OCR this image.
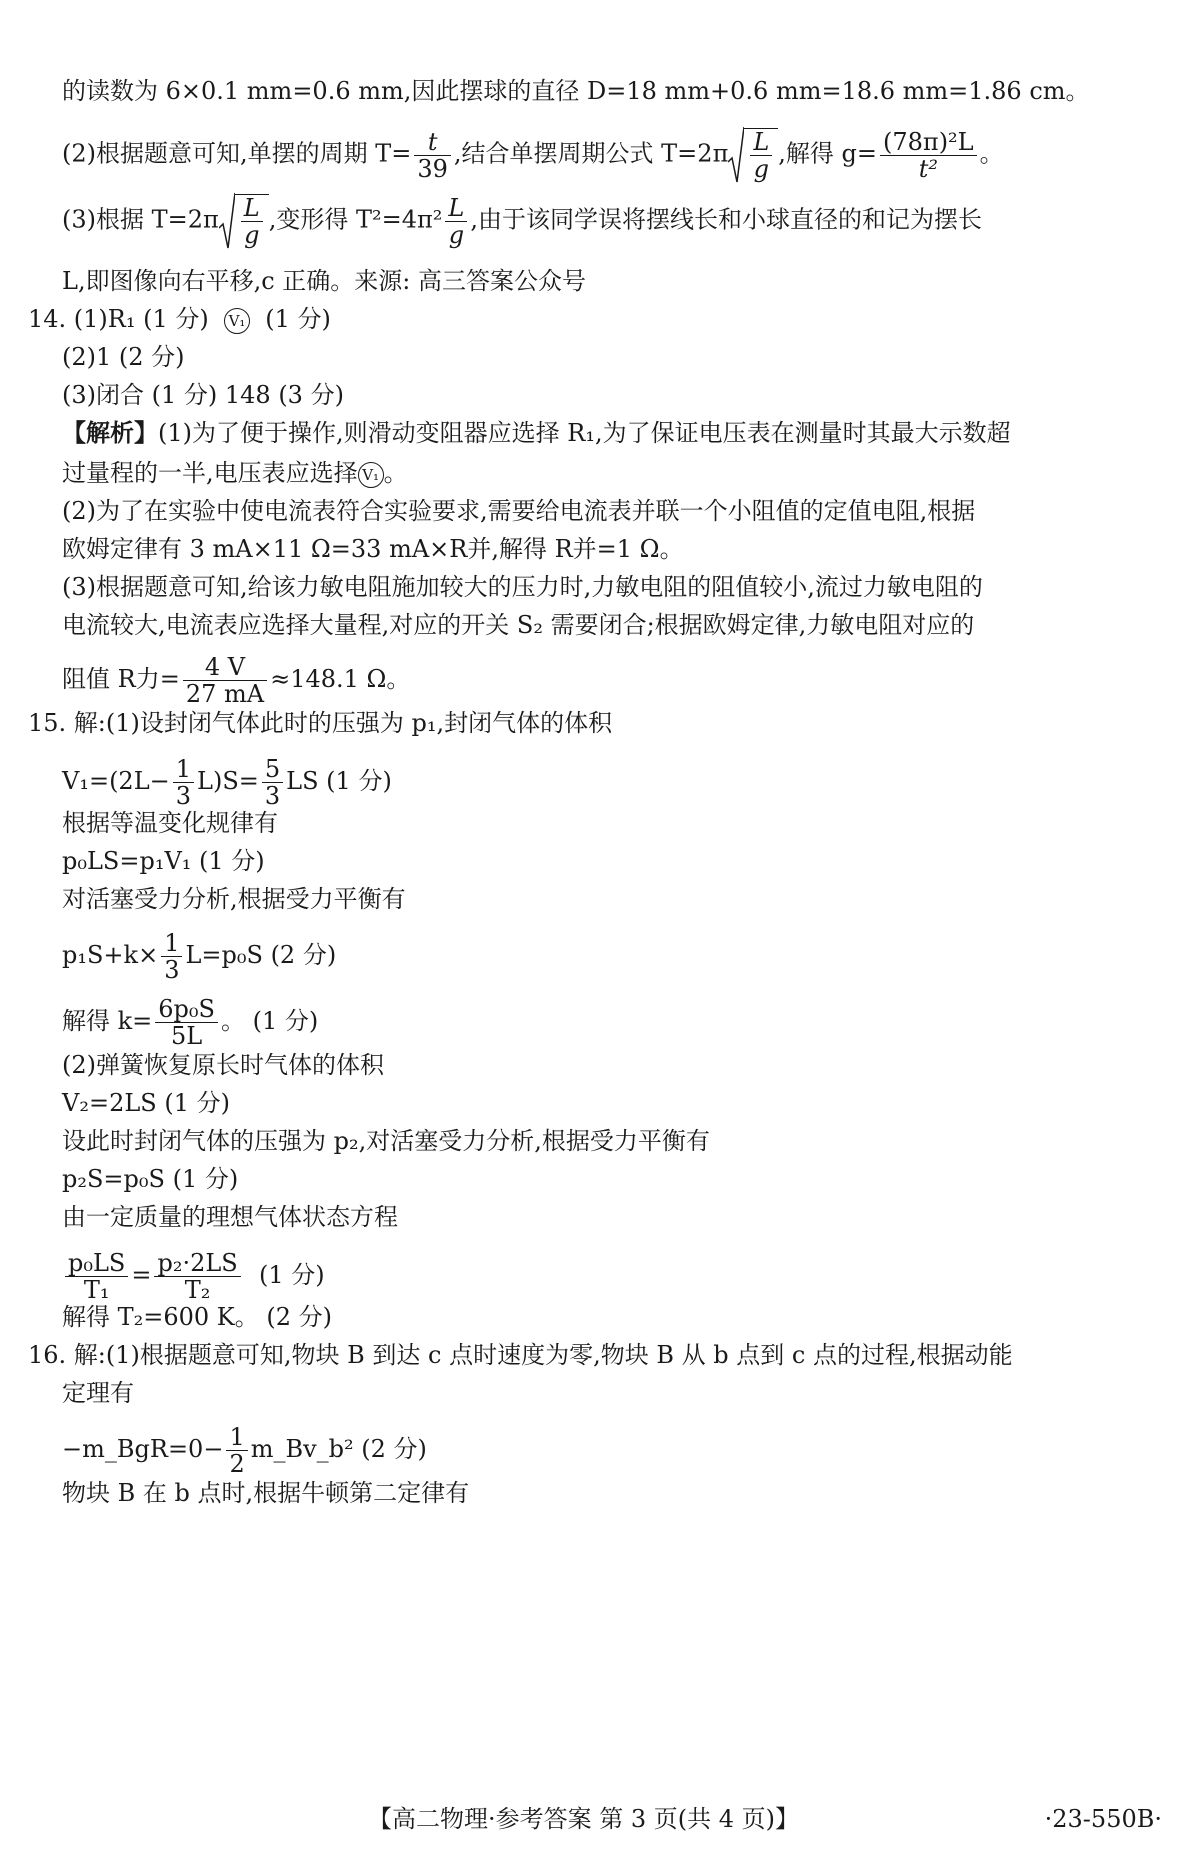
的读数为 6×0.1 mm=0.6 mm,因此摆球的直径 D=18 mm+0.6 mm=18.6 mm=1.86 cm。
(2)根据题意可知,单摆的周期 $T= \frac{t}{39}$ ,结合单摆周期公式 $T=2\pi \frac{L}{g}$ ,解得 $g= \frac{\text{(78π)²L}}{\text{t²}}$ 。
(3)根据 $T=2\pi \frac{L}{g}$ ,变形得 $T^2=4\pi^2 \frac{L}{g}$ ,由于该同学误将摆线长和小球直径的和记为摆长
L,即图像向右平移,c 正确。来源: 高三答案公众号
14. (1)R₁ (1 分) V₁ (1 分)
(2)1 (2 分)
(3)闭合 (1 分) 148 (3 分)
【解析】(1)为了便于操作,则滑动变阻器应选择 R₁,为了保证电压表在测量时其最大示数超
过量程的一半,电压表应选择 V₁ 。
(2)为了在实验中使电流表符合实验要求,需要给电流表并联一个小阻值的定值电阻,根据
欧姆定律有 3 mA×11 Ω=33 mA×R并,解得 R并=1 Ω。
(3)根据题意可知,给该力敏电阻施加较大的压力时,力敏电阻的阻值较小,流过力敏电阻的
电流较大,电流表应选择大量程,对应的开关 S₂ 需要闭合;根据欧姆定律,力敏电阻对应的
阻值 R力= $\frac{4 V}{27 mA} \approx 148.1$ Ω。
15. 解:(1)设封闭气体此时的压强为 p₁,封闭气体的体积
$V_1=(2L- \frac{1}{3} L)S= \frac{5}{3}$ LS (1 分)
根据等温变化规律有
p₀LS=p₁V₁ (1 分)
对活塞受力分析,根据受力平衡有
$p_1S+k\times \frac{1}{3} L=p_0S$ (2 分)
解得 $k= \frac{\text{6p₀S}}{5L}$ 。 (1 分)
(2)弹簧恢复原长时气体的体积
V₂=2LS (1 分)
设此时封闭气体的压强为 p₂,对活塞受力分析,根据受力平衡有
p₂S=p₀S (1 分)
由一定质量的理想气体状态方程
$\frac{\text{p₀LS}}{\text{T₁}} = \frac{\text{p₂·2LS}}{\text{T₂}} (1$ 分)
解得 T₂=600 K。 (2 分)
16. 解:(1)根据题意可知,物块 B 到达 c 点时速度为零,物块 B 从 b 点到 c 点的过程,根据动能
定理有
−m_BgR=0− $\frac{1}{2}$ m_Bv_b² (2 分)
物块 B 在 b 点时,根据牛顿第二定律有
【高二物理·参考答案 第 3 页(共 4 页)】	·23-550B·
